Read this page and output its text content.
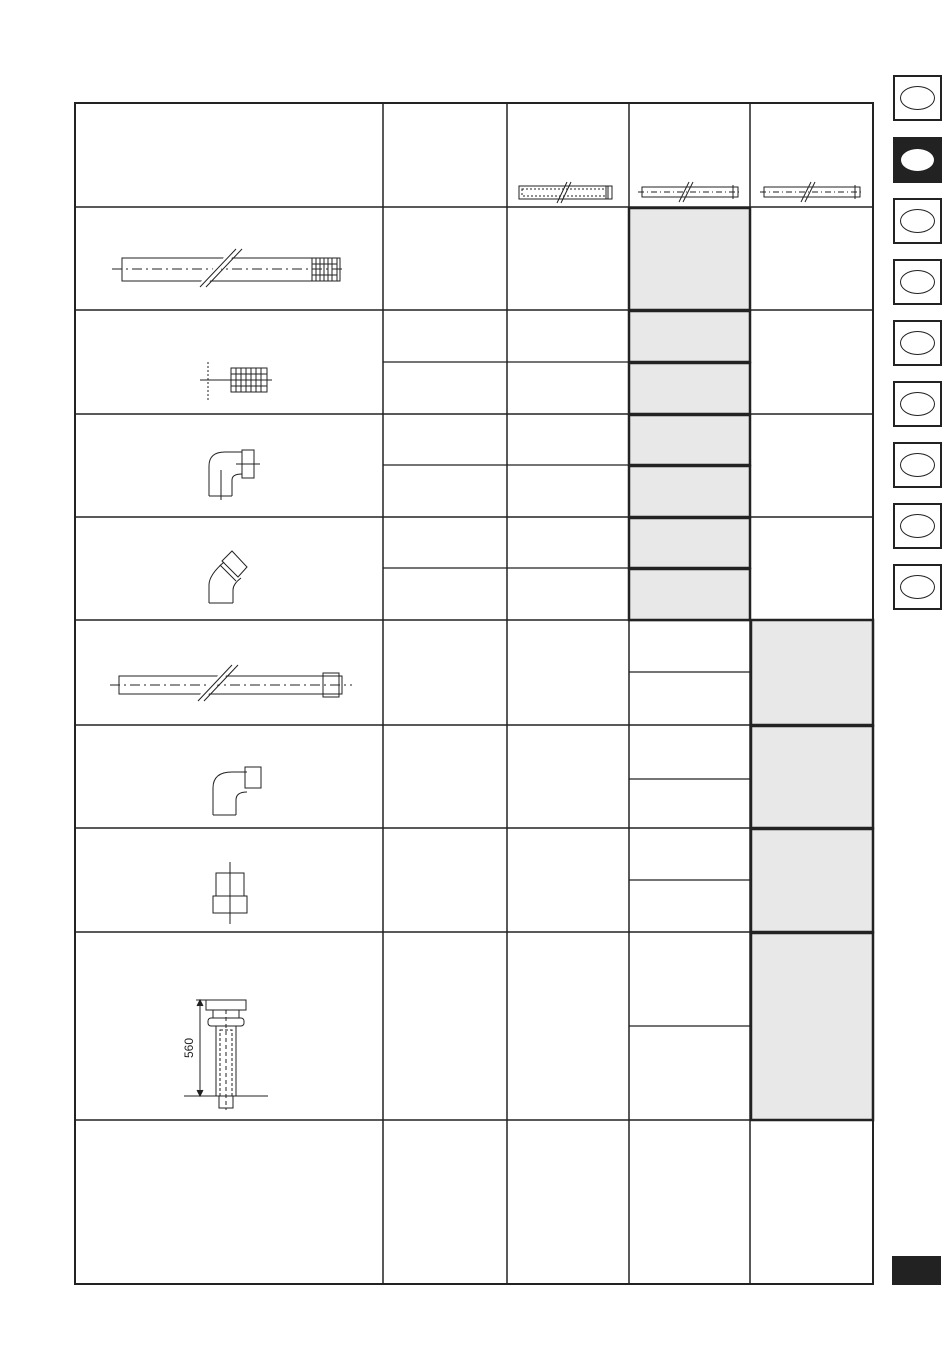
560
